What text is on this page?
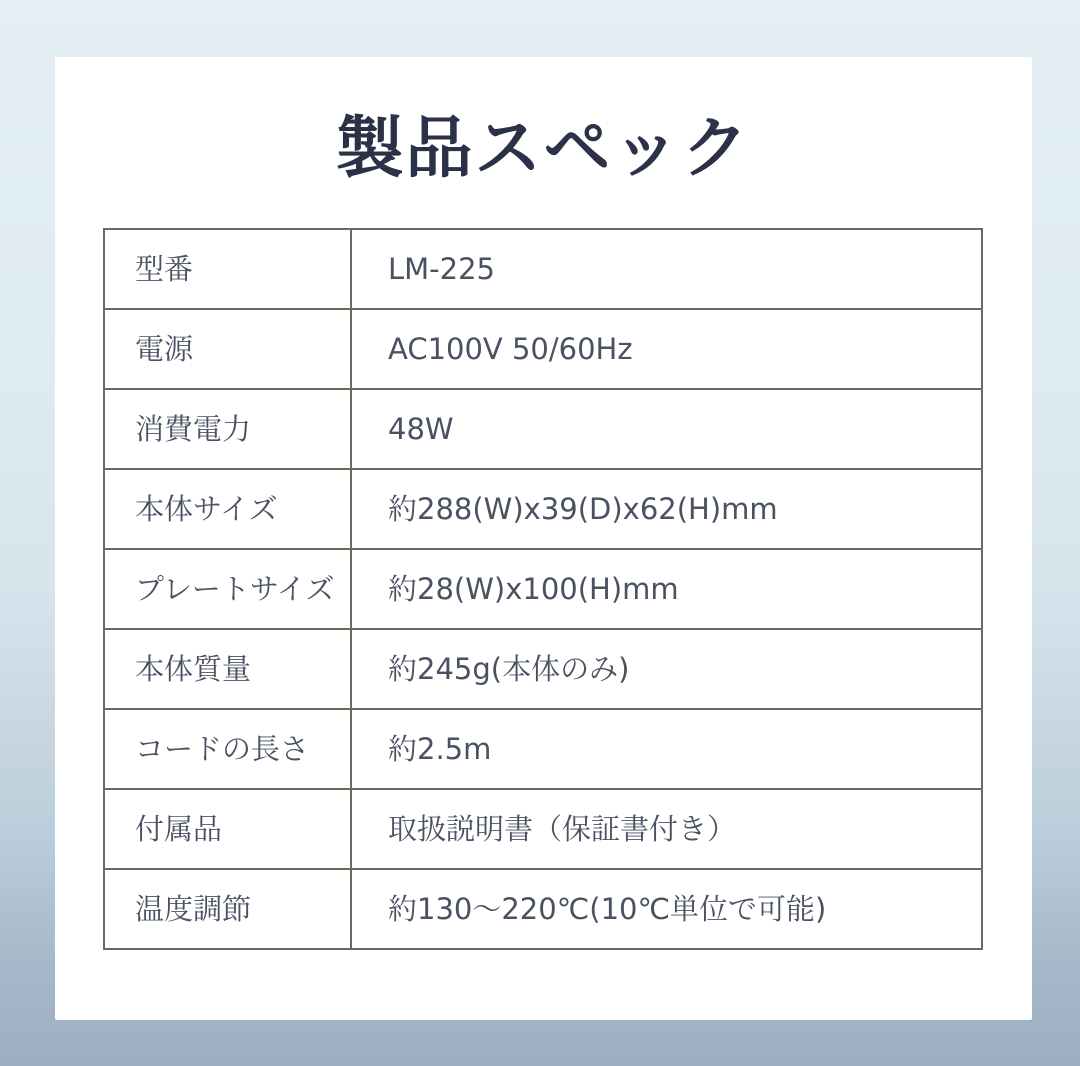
製品スペック
型番	LM-225
電源	AC100V 50/60Hz
消費電力	48W
本体サイズ	約288(W)x39(D)x62(H)mm
プレートサイズ	約28(W)x100(H)mm
本体質量	約245g(本体のみ)
コードの長さ	約2.5m
付属品	取扱説明書（保証書付き）
温度調節	約130〜220℃(10℃単位で可能)
